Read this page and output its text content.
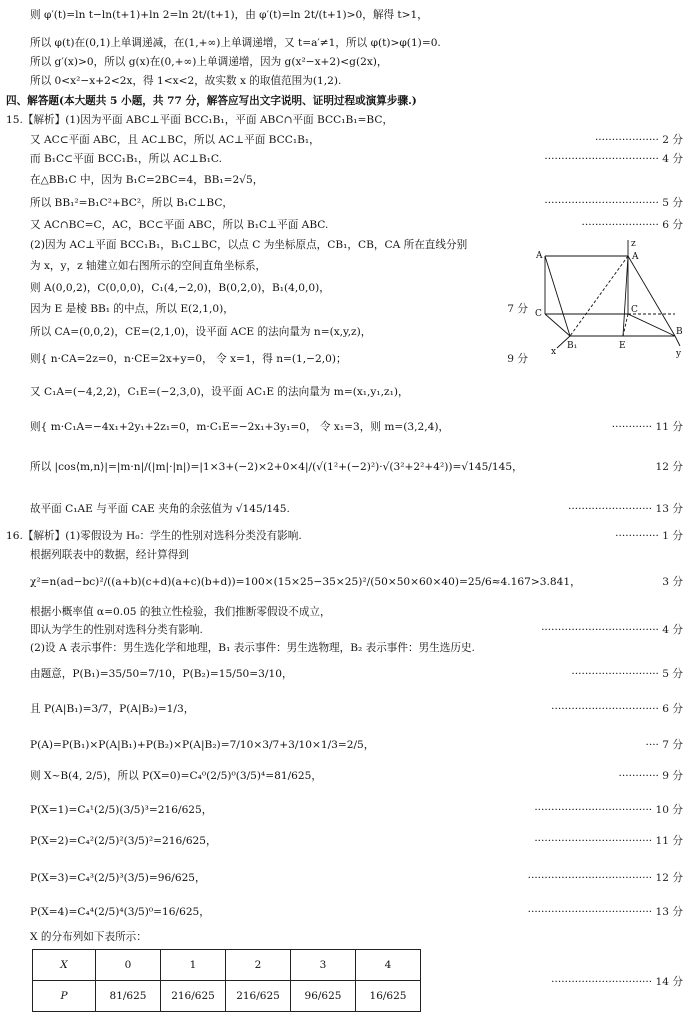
则 φ′(t)=ln t−ln(t+1)+ln 2=ln 2t/(t+1)，由 φ′(t)=ln 2t/(t+1)>0，解得 t>1，
所以 φ(t)在(0,1)上单调递减，在(1,+∞)上单调递增，又 t=a′≠1，所以 φ(t)>φ(1)=0.
所以 g′(x)>0，所以 g(x)在(0,+∞)上单调递增，因为 g(x²−x+2)<g(2x)，
所以 0<x²−x+2<2x，得 1<x<2，故实数 x 的取值范围为(1,2).
四、解答题(本大题共 5 小题，共 77 分，解答应写出文字说明、证明过程或演算步骤.)
15.【解析】(1)因为平面 ABC⊥平面 BCC₁B₁，平面 ABC∩平面 BCC₁B₁=BC，
又 AC⊂平面 ABC，且 AC⊥BC，所以 AC⊥平面 BCC₁B₁，	··················· 2 分
而 B₁C⊂平面 BCC₁B₁，所以 AC⊥B₁C.	·································· 4 分
在△BB₁C 中，因为 B₁C=2BC=4，BB₁=2√5，
所以 BB₁²=B₁C²+BC²，所以 B₁C⊥BC，	·································· 5 分
又 AC∩BC=C，AC，BC⊂平面 ABC，所以 B₁C⊥平面 ABC.	······················· 6 分
(2)因为 AC⊥平面 BCC₁B₁，B₁C⊥BC，以点 C 为坐标原点，CB₁，CB，CA 所在直线分别
为 x，y，z 轴建立如右图所示的空间直角坐标系，
则 A(0,0,2)，C(0,0,0)，C₁(4,−2,0)，B(0,2,0)，B₁(4,0,0)，
因为 E 是棱 BB₁ 的中点，所以 E(2,1,0)，	7 分
所以 CA=(0,0,2)，CE=(2,1,0)，设平面 ACE 的法向量为 n=(x,y,z)，
则{ n·CA=2z=0，n·CE=2x+y=0， 令 x=1，得 n=(1,−2,0)；	9 分
又 C₁A=(−4,2,2)，C₁E=(−2,3,0)，设平面 AC₁E 的法向量为 m=(x₁,y₁,z₁)，
则{ m·C₁A=−4x₁+2y₁+2z₁=0，m·C₁E=−2x₁+3y₁=0， 令 x₁=3，则 m=(3,2,4)，	············ 11 分
所以 |cos⟨m,n⟩|=|m·n|/(|m|·|n|)=|1×3+(−2)×2+0×4|/(√(1²+(−2)²)·√(3²+2²+4²))=√145/145，	12 分
故平面 C₁AE 与平面 CAE 夹角的余弦值为 √145/145.	························· 13 分
16.【解析】(1)零假设为 H₀：学生的性别对选科分类没有影响.	············· 1 分
根据列联表中的数据，经计算得到
χ²=n(ad−bc)²/((a+b)(c+d)(a+c)(b+d))=100×(15×25−35×25)²/(50×50×60×40)=25/6≈4.167>3.841，	3 分
根据小概率值 α=0.05 的独立性检验，我们推断零假设不成立，
即认为学生的性别对选科分类有影响.	··································· 4 分
(2)设 A 表示事件：男生选化学和地理，B₁ 表示事件：男生选物理，B₂ 表示事件：男生选历史.
由题意，P(B₁)=35/50=7/10，P(B₂)=15/50=3/10，	·························· 5 分
且 P(A|B₁)=3/7，P(A|B₂)=1/3，	································ 6 分
P(A)=P(B₁)×P(A|B₁)+P(B₂)×P(A|B₂)=7/10×3/7+3/10×1/3=2/5，	···· 7 分
则 X~B(4, 2/5)，所以 P(X=0)=C₄⁰(2/5)⁰(3/5)⁴=81/625，	············ 9 分
P(X=1)=C₄¹(2/5)(3/5)³=216/625，	··································· 10 分
P(X=2)=C₄²(2/5)²(3/5)²=216/625，	··································· 11 分
P(X=3)=C₄³(2/5)³(3/5)=96/625，	····································· 12 分
P(X=4)=C₄⁴(2/5)⁴(3/5)⁰=16/625，	····································· 13 分
X 的分布列如下表所示：
X	0	1	2	3	4
P	81/625	216/625	216/625	96/625	16/625
······························ 14 分
z
A	A
C	C
B
B₁	E
x	y
